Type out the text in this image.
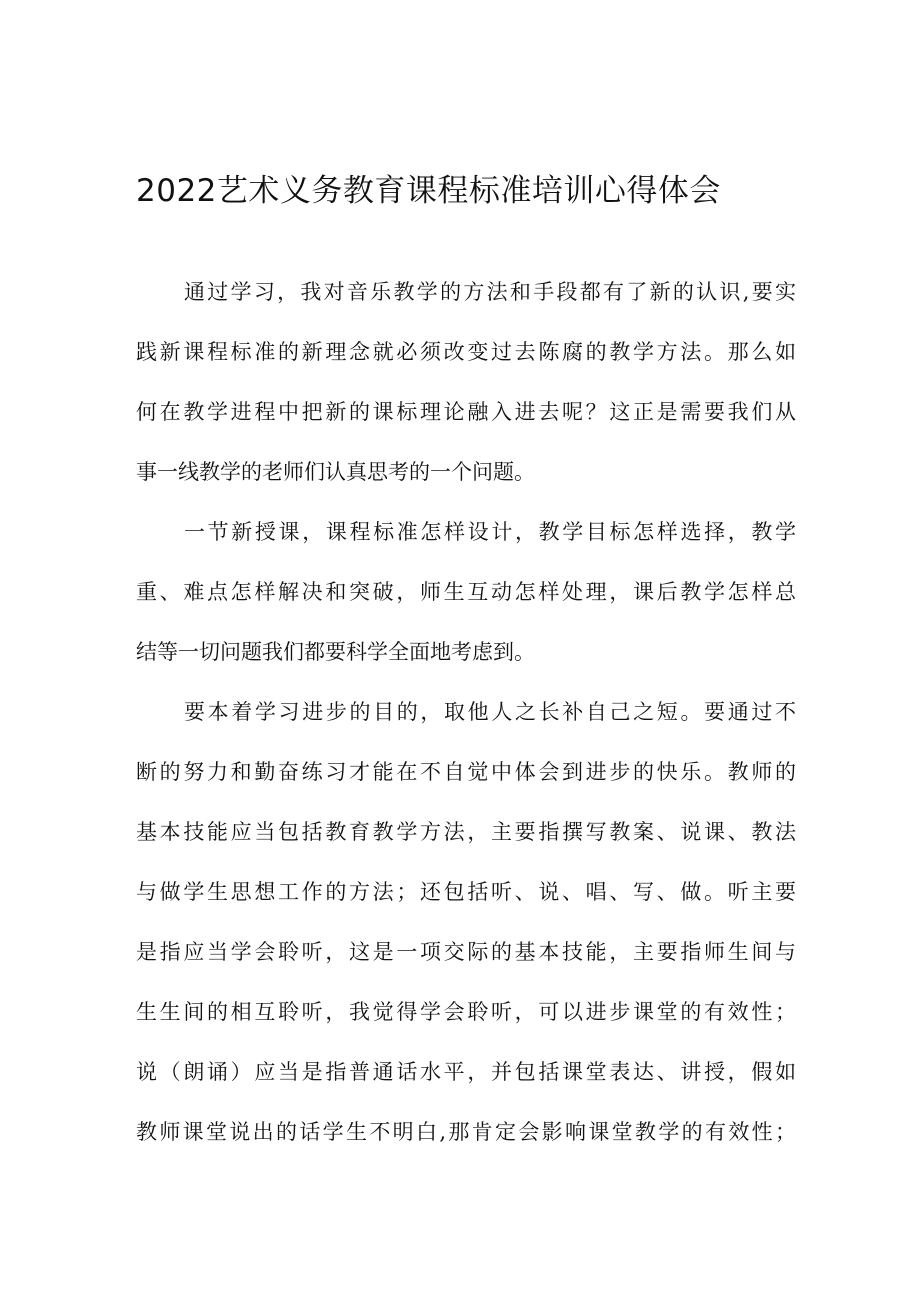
2022艺术义务教育课程标准培训心得体会
通过学习，我对音乐教学的方法和手段都有了新的认识,要实
践新课程标准的新理念就必须改变过去陈腐的教学方法。那么如
何在教学进程中把新的课标理论融入进去呢？这正是需要我们从
事一线教学的老师们认真思考的一个问题。
一节新授课，课程标准怎样设计，教学目标怎样选择，教学
重、难点怎样解决和突破，师生互动怎样处理，课后教学怎样总
结等一切问题我们都要科学全面地考虑到。
要本着学习进步的目的，取他人之长补自己之短。要通过不
断的努力和勤奋练习才能在不自觉中体会到进步的快乐。教师的
基本技能应当包括教育教学方法，主要指撰写教案、说课、教法
与做学生思想工作的方法；还包括听、说、唱、写、做。听主要
是指应当学会聆听，这是一项交际的基本技能，主要指师生间与
生生间的相互聆听，我觉得学会聆听，可以进步课堂的有效性；
说（朗诵）应当是指普通话水平，并包括课堂表达、讲授，假如
教师课堂说出的话学生不明白,那肯定会影响课堂教学的有效性；
